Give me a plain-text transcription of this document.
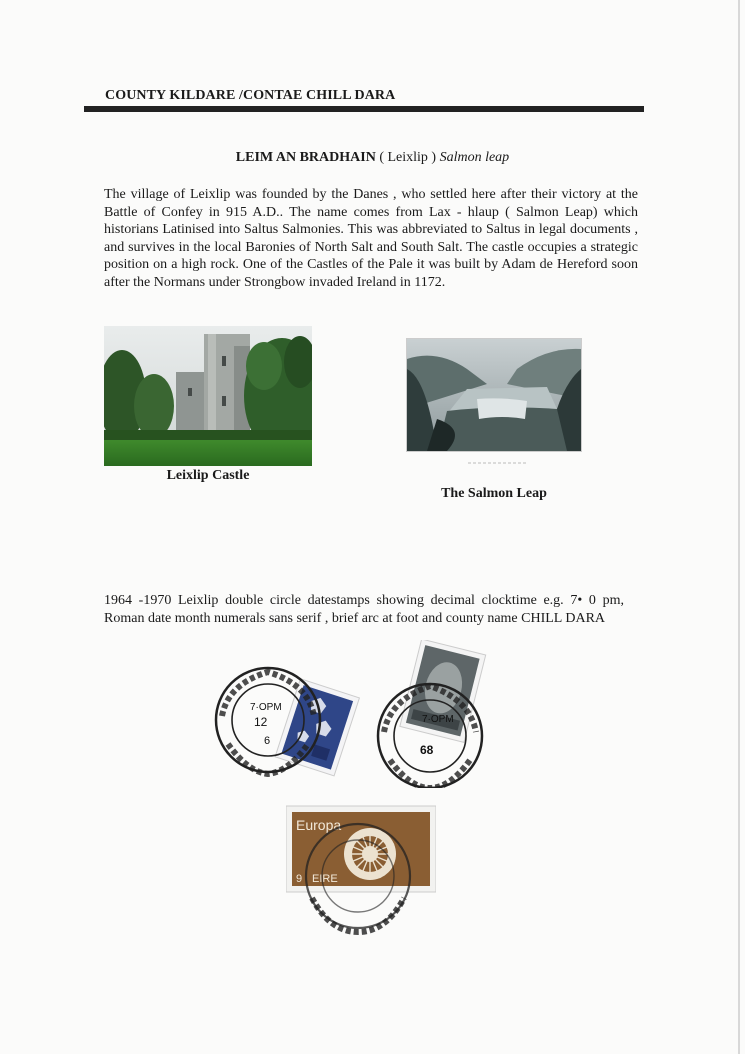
COUNTY KILDARE /CONTAE CHILL DARA
LEIM AN BRADHAIN ( Leixlip ) Salmon leap
The village of Leixlip was founded by the Danes , who settled here after their victory at the Battle of Confey in 915 A.D.. The name comes from Lax - hlaup ( Salmon Leap) which historians Latinised into Saltus Salmonies. This was abbreviated to Saltus in legal documents , and survives in the local Baronies of North Salt and South Salt. The castle occupies a strategic position on a high rock. One of the Castles of the Pale it was built by Adam de Hereford soon after the Normans under Strongbow invaded Ireland in 1172.
Leixlip Castle
The Salmon Leap
1964 -1970 Leixlip double circle datestamps showing decimal clocktime e.g. 7• 0 pm, Roman date month numerals sans serif , brief arc at foot and county name CHILL DARA
7·OPM
12
6
7·OPM
68
Europa
9 EIRE
